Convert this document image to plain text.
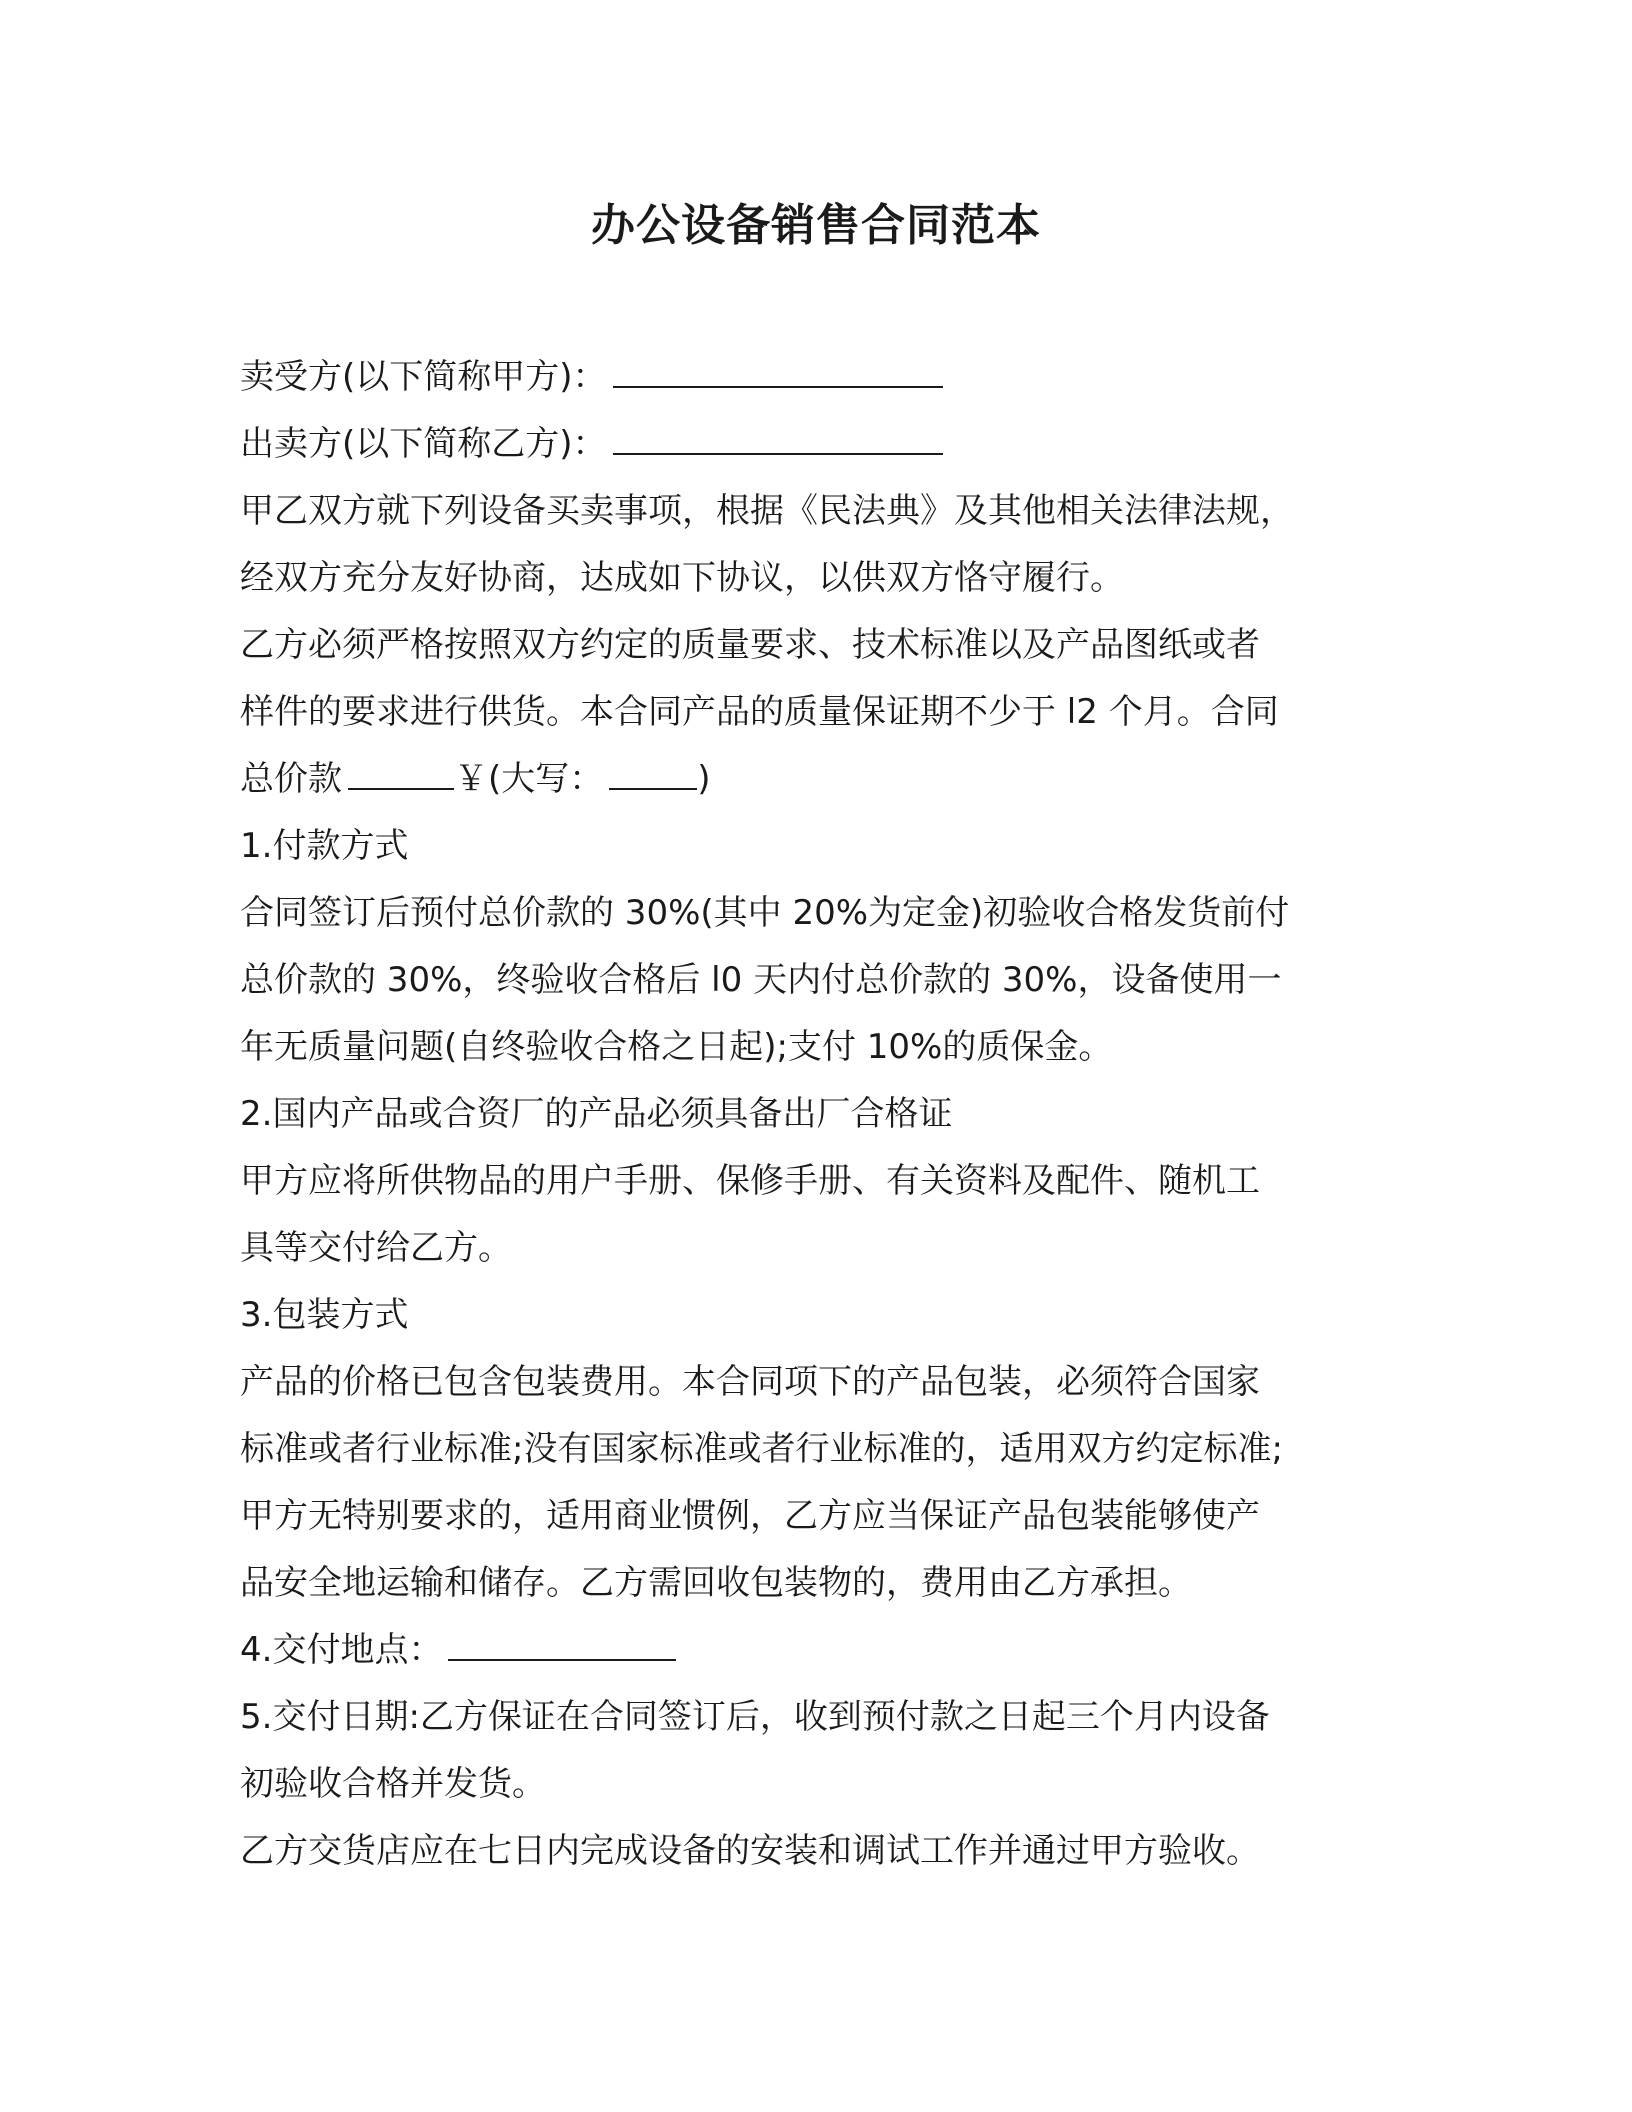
办公设备销售合同范本
卖受方(以下简称甲方)：
出卖方(以下简称乙方)：
甲乙双方就下列设备买卖事项，根据《民法典》及其他相关法律法规，
经双方充分友好协商，达成如下协议，以供双方恪守履行。
乙方必须严格按照双方约定的质量要求、技术标准以及产品图纸或者
样件的要求进行供货。本合同产品的质量保证期不少于 l2 个月。合同
总价款	￥(大写：	)
1.付款方式
合同签订后预付总价款的 30%(其中 20%为定金)初验收合格发货前付
总价款的 30%，终验收合格后 l0 天内付总价款的 30%，设备使用一
年无质量问题(自终验收合格之日起);支付 10%的质保金。
2.国内产品或合资厂的产品必须具备出厂合格证
甲方应将所供物品的用户手册、保修手册、有关资料及配件、随机工
具等交付给乙方。
3.包装方式
产品的价格已包含包装费用。本合同项下的产品包装，必须符合国家
标准或者行业标准;没有国家标准或者行业标准的，适用双方约定标准;
甲方无特别要求的，适用商业惯例，乙方应当保证产品包装能够使产
品安全地运输和储存。乙方需回收包装物的，费用由乙方承担。
4.交付地点：
5.交付日期:乙方保证在合同签订后，收到预付款之日起三个月内设备
初验收合格并发货。
乙方交货店应在七日内完成设备的安装和调试工作并通过甲方验收。
